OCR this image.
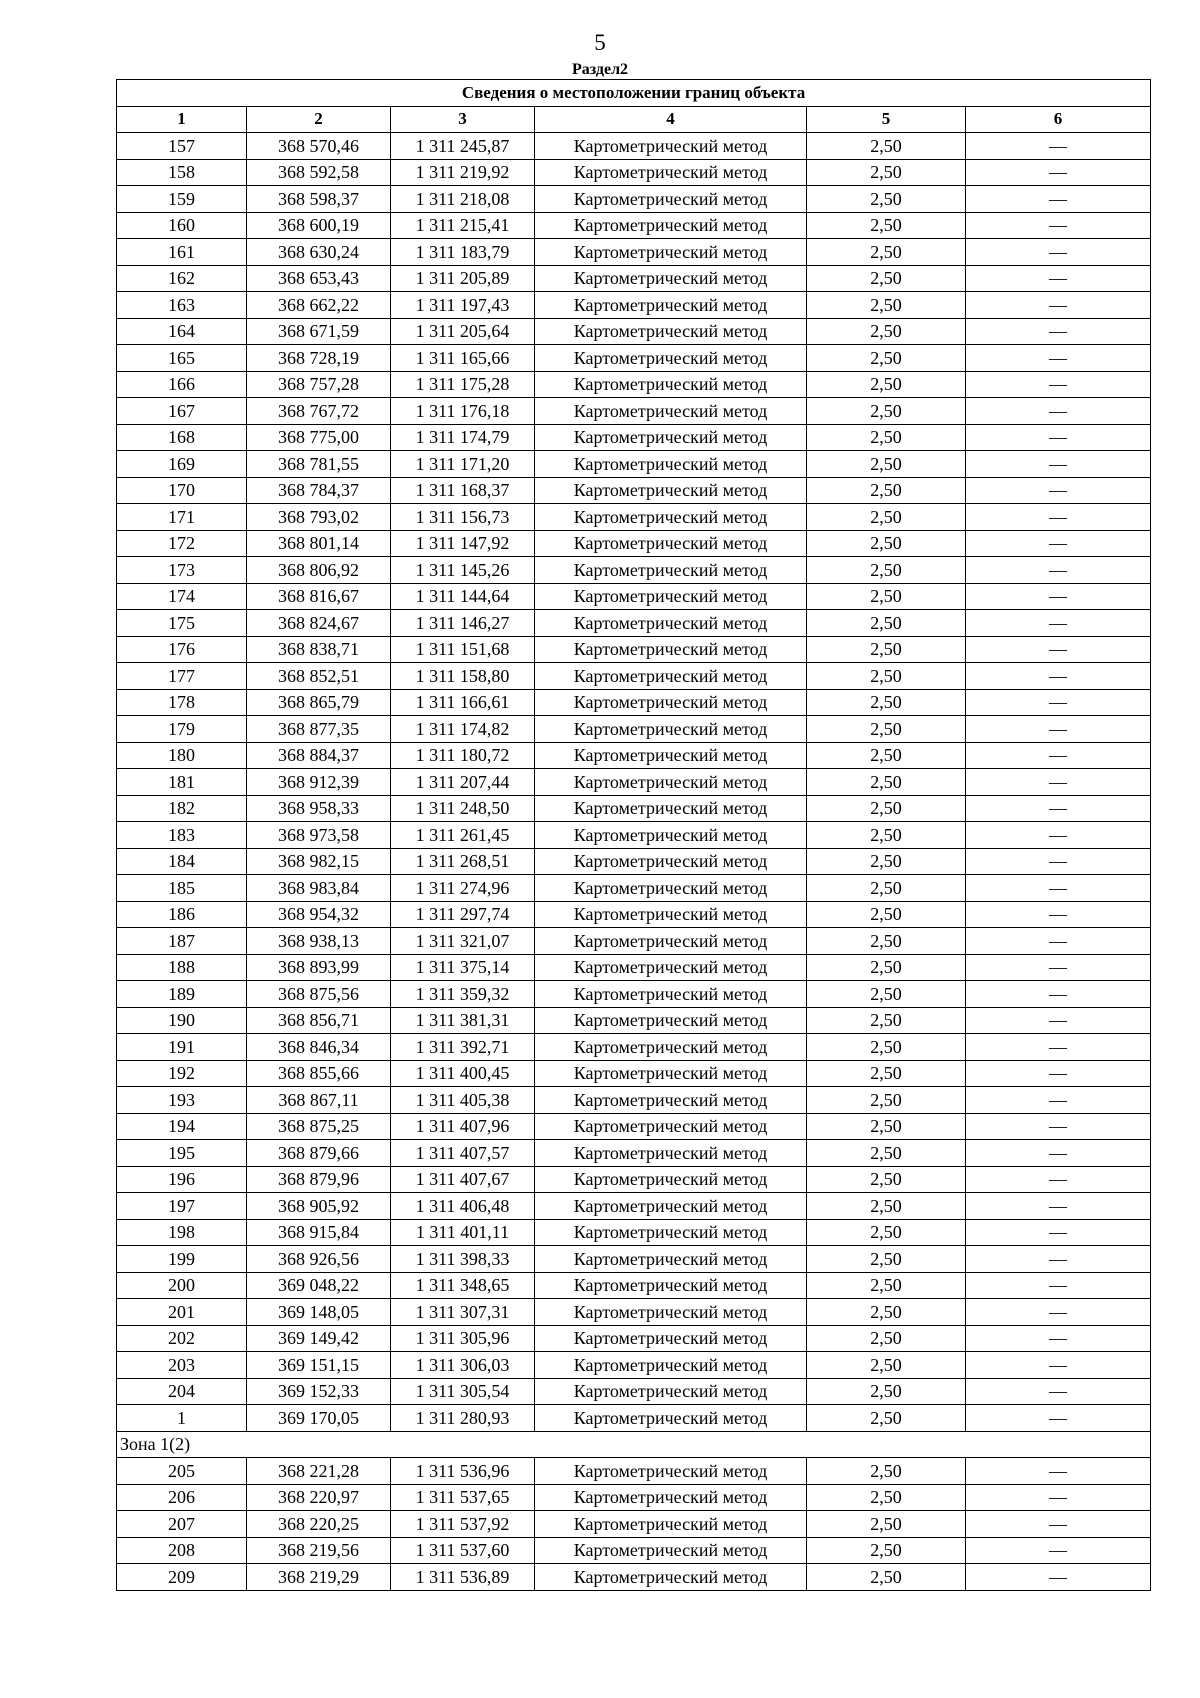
5
Раздел2
Сведения о местоположении границ объекта					
1	2	3	4	5	6
157	368 570,46	1 311 245,87	Картометрический метод	2,50	—
158	368 592,58	1 311 219,92	Картометрический метод	2,50	—
159	368 598,37	1 311 218,08	Картометрический метод	2,50	—
160	368 600,19	1 311 215,41	Картометрический метод	2,50	—
161	368 630,24	1 311 183,79	Картометрический метод	2,50	—
162	368 653,43	1 311 205,89	Картометрический метод	2,50	—
163	368 662,22	1 311 197,43	Картометрический метод	2,50	—
164	368 671,59	1 311 205,64	Картометрический метод	2,50	—
165	368 728,19	1 311 165,66	Картометрический метод	2,50	—
166	368 757,28	1 311 175,28	Картометрический метод	2,50	—
167	368 767,72	1 311 176,18	Картометрический метод	2,50	—
168	368 775,00	1 311 174,79	Картометрический метод	2,50	—
169	368 781,55	1 311 171,20	Картометрический метод	2,50	—
170	368 784,37	1 311 168,37	Картометрический метод	2,50	—
171	368 793,02	1 311 156,73	Картометрический метод	2,50	—
172	368 801,14	1 311 147,92	Картометрический метод	2,50	—
173	368 806,92	1 311 145,26	Картометрический метод	2,50	—
174	368 816,67	1 311 144,64	Картометрический метод	2,50	—
175	368 824,67	1 311 146,27	Картометрический метод	2,50	—
176	368 838,71	1 311 151,68	Картометрический метод	2,50	—
177	368 852,51	1 311 158,80	Картометрический метод	2,50	—
178	368 865,79	1 311 166,61	Картометрический метод	2,50	—
179	368 877,35	1 311 174,82	Картометрический метод	2,50	—
180	368 884,37	1 311 180,72	Картометрический метод	2,50	—
181	368 912,39	1 311 207,44	Картометрический метод	2,50	—
182	368 958,33	1 311 248,50	Картометрический метод	2,50	—
183	368 973,58	1 311 261,45	Картометрический метод	2,50	—
184	368 982,15	1 311 268,51	Картометрический метод	2,50	—
185	368 983,84	1 311 274,96	Картометрический метод	2,50	—
186	368 954,32	1 311 297,74	Картометрический метод	2,50	—
187	368 938,13	1 311 321,07	Картометрический метод	2,50	—
188	368 893,99	1 311 375,14	Картометрический метод	2,50	—
189	368 875,56	1 311 359,32	Картометрический метод	2,50	—
190	368 856,71	1 311 381,31	Картометрический метод	2,50	—
191	368 846,34	1 311 392,71	Картометрический метод	2,50	—
192	368 855,66	1 311 400,45	Картометрический метод	2,50	—
193	368 867,11	1 311 405,38	Картометрический метод	2,50	—
194	368 875,25	1 311 407,96	Картометрический метод	2,50	—
195	368 879,66	1 311 407,57	Картометрический метод	2,50	—
196	368 879,96	1 311 407,67	Картометрический метод	2,50	—
197	368 905,92	1 311 406,48	Картометрический метод	2,50	—
198	368 915,84	1 311 401,11	Картометрический метод	2,50	—
199	368 926,56	1 311 398,33	Картометрический метод	2,50	—
200	369 048,22	1 311 348,65	Картометрический метод	2,50	—
201	369 148,05	1 311 307,31	Картометрический метод	2,50	—
202	369 149,42	1 311 305,96	Картометрический метод	2,50	—
203	369 151,15	1 311 306,03	Картометрический метод	2,50	—
204	369 152,33	1 311 305,54	Картометрический метод	2,50	—
1	369 170,05	1 311 280,93	Картометрический метод	2,50	—
Зона 1(2)					
205	368 221,28	1 311 536,96	Картометрический метод	2,50	—
206	368 220,97	1 311 537,65	Картометрический метод	2,50	—
207	368 220,25	1 311 537,92	Картометрический метод	2,50	—
208	368 219,56	1 311 537,60	Картометрический метод	2,50	—
209	368 219,29	1 311 536,89	Картометрический метод	2,50	—
